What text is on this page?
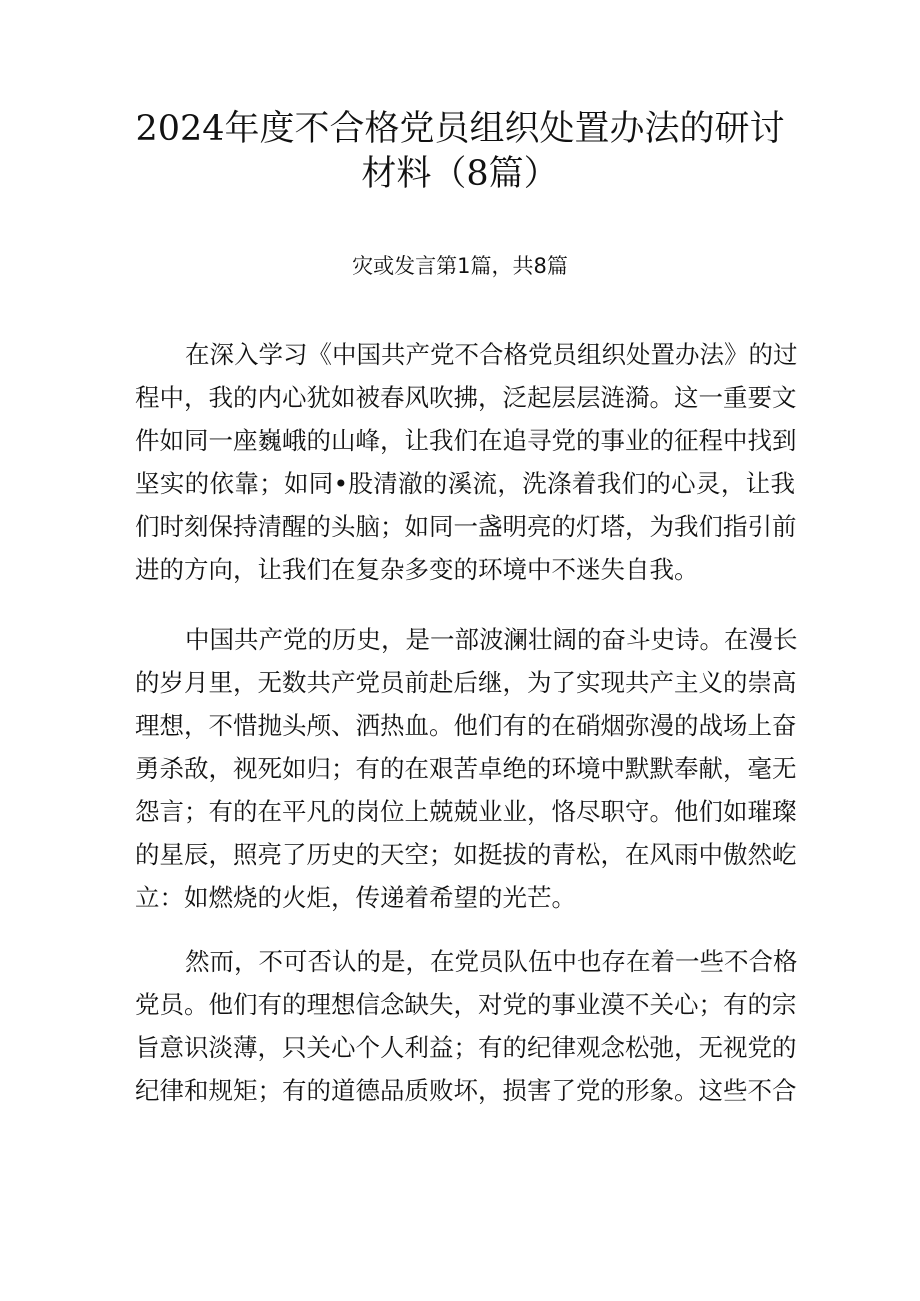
2024年度不合格党员组织处置办法的研讨
材料（8篇）
灾或发言第1篇，共8篇
在深入学习《中国共产党不合格党员组织处置办法》的过
程中，我的内心犹如被春风吹拂，泛起层层涟漪。这一重要文
件如同一座巍峨的山峰，让我们在追寻党的事业的征程中找到
坚实的依靠；如同•股清澈的溪流，洗涤着我们的心灵，让我
们时刻保持清醒的头脑；如同一盏明亮的灯塔，为我们指引前
进的方向，让我们在复杂多变的环境中不迷失自我。
中国共产党的历史，是一部波澜壮阔的奋斗史诗。在漫长
的岁月里，无数共产党员前赴后继，为了实现共产主义的崇高
理想，不惜抛头颅、洒热血。他们有的在硝烟弥漫的战场上奋
勇杀敌，视死如归；有的在艰苦卓绝的环境中默默奉献，毫无
怨言；有的在平凡的岗位上兢兢业业，恪尽职守。他们如璀璨
的星辰，照亮了历史的天空；如挺拔的青松，在风雨中傲然屹
立：如燃烧的火炬，传递着希望的光芒。
然而，不可否认的是，在党员队伍中也存在着一些不合格
党员。他们有的理想信念缺失，对党的事业漠不关心；有的宗
旨意识淡薄，只关心个人利益；有的纪律观念松弛，无视党的
纪律和规矩；有的道德品质败坏，损害了党的形象。这些不合
